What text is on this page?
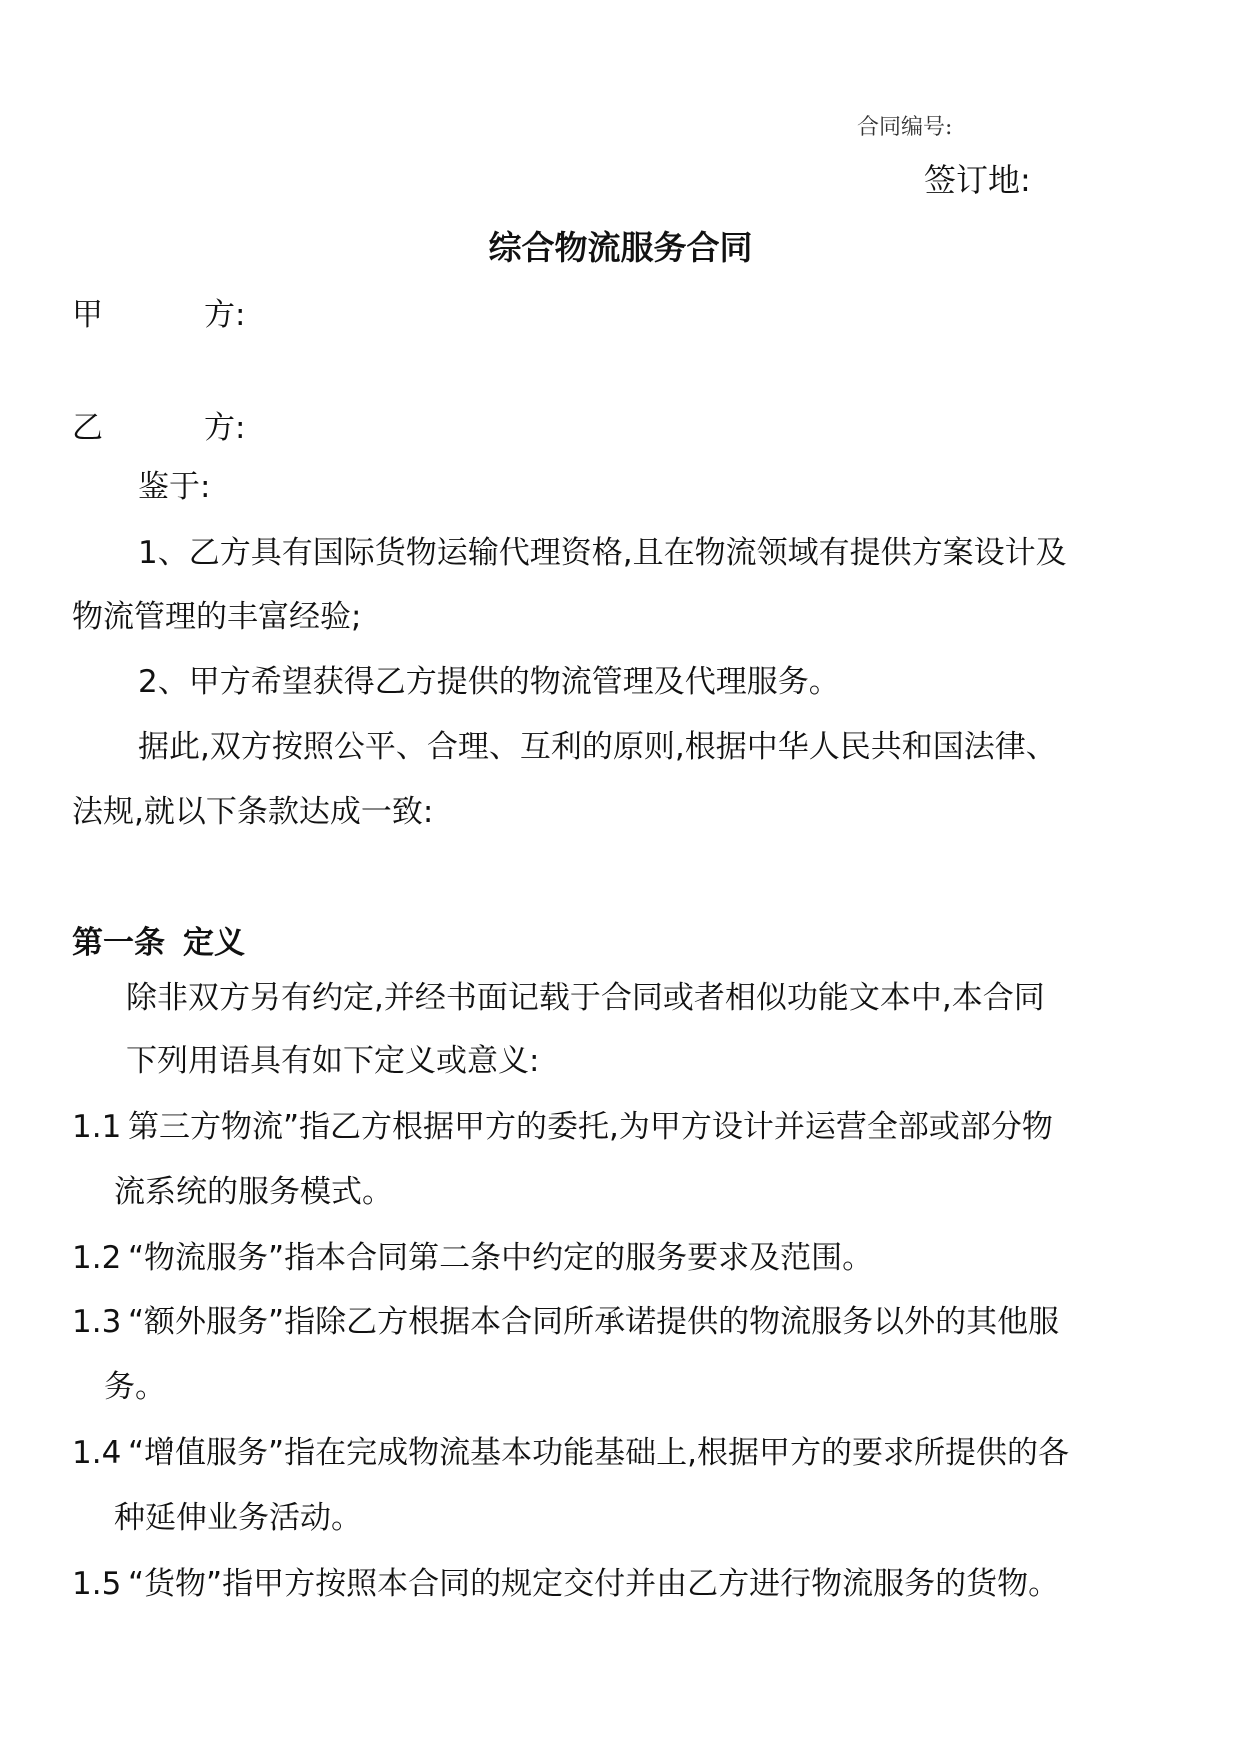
合同编号:
签订地:
综合物流服务合同
甲	方:
乙	方:
鉴于:
1、乙方具有国际货物运输代理资格,且在物流领域有提供方案设计及
物流管理的丰富经验;
2、甲方希望获得乙方提供的物流管理及代理服务。
据此,双方按照公平、合理、互利的原则,根据中华人民共和国法律、
法规,就以下条款达成一致:
第一条 定义
除非双方另有约定,并经书面记载于合同或者相似功能文本中,本合同
下列用语具有如下定义或意义:
1.1 第三方物流”指乙方根据甲方的委托,为甲方设计并运营全部或部分物
流系统的服务模式。
1.2 “物流服务”指本合同第二条中约定的服务要求及范围。
1.3 “额外服务”指除乙方根据本合同所承诺提供的物流服务以外的其他服
务。
1.4 “增值服务”指在完成物流基本功能基础上,根据甲方的要求所提供的各
种延伸业务活动。
1.5 “货物”指甲方按照本合同的规定交付并由乙方进行物流服务的货物。
